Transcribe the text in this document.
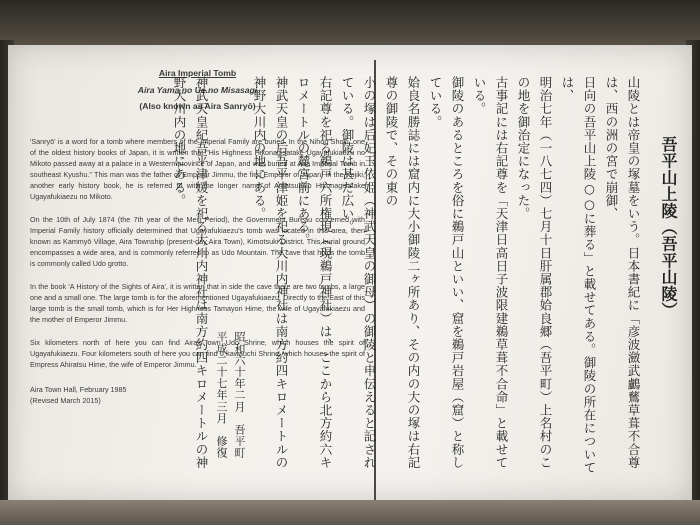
Aira Imperial Tomb
Aira Yama no Ue no Misasagi
(Also known as Aira Sanryō)

'Sanryō' is a word for a tomb where members of the Imperial Family are buried. In the Nihon Shoki, one of the oldest history books of Japan, it is written that "His Highness Hikonagisatake Ugayafukiaezu no Mikoto passed away at a palace in a Western province of Japan, and was buried at Aira Imperial Tomb in southeast Kyushu." This man was the father of Emperor Jimmu, the first Emperor of Japan. In the Kojiki, another early history book, he is referred to with the longer name of Amatsuhiko Hikonagisatake Ugayafukiaezu no Mikoto.

On the 10th of July 1874 (the 7th year of the Meiji Period), the Government Bureau concerned with Imperial Family history officially determined that Ugayafukiaezu's tomb was located in this area, then known as Kammyō Village, Aira Township (present-day Aira Town), Kimotsuki District. This burial ground encompasses a wide area, and is commonly referred to as Udo Mountain. The cave that holds the tomb is commonly called Udo grotto.

In the book 'A History of the Sights of Aira', it is written that in side the cave there are two tombs, a large one and a small one. The large tomb is for the aforementioned Ugayafukiaezu. Directly to the East of this large tomb is the small tomb, which is for Her Highness Tamayori Hime, the wife of Ugayafukiaezu and the mother of Emperor Jimmu.

Six kilometers north of here you can find Aira's own Udo Shrine, which houses the spirit of Ugayafukiaezu. Four kilometers south of here you can find 0 kawauchi Shrine, which houses the spirit of Empress Ahiratsu Hime, the wife of Emperor Jimmu.

Aira Town Hall, February 1985
(Revised March 2015)
吾平山上陵（吾平山陵）
山陵とは帝皇の塚墓をいう。日本書紀に「彦波瀲武鸕鶿草葺不合尊は、西の洲の宮で崩御、
日向の吾平山上陵○○に葬る」と載せてある。御陵の所在については、
明治七年（一八七四）七月十日肝属郡姶良郷（吾平町）上名村のこの地を御治定になった。
古事記には右記尊を「天津日高日子波限建鵜草葺不合命」と載せている。
御陵のあるところを俗に鵜戸山といい、窟を鵜戸岩屋（窟）と称している。
姶良名勝誌には窟内に大小御陵二ヶ所あり、その内の大の塚は右記尊の御陵で、その東の
小の塚は后妃玉依姫（神武天皇の御母）の御陵と申伝えると記されている。御陵は甚だ広い。
右記尊を祀る鵜戸六所権現（現鵜戸神社）は、ここから北方約六キロメートルの麓宮前にある。
神武天皇の后吾平津姫を祀る大川内神社は南方約四キロメートルの神野大川内の地にある。
昭和六十年二月　吾平町
平成二十七年三月　修復
神武天皇紀吾平津媛を祀る大川内神社は南方約四キロメートルの神野大川内の地にある。
